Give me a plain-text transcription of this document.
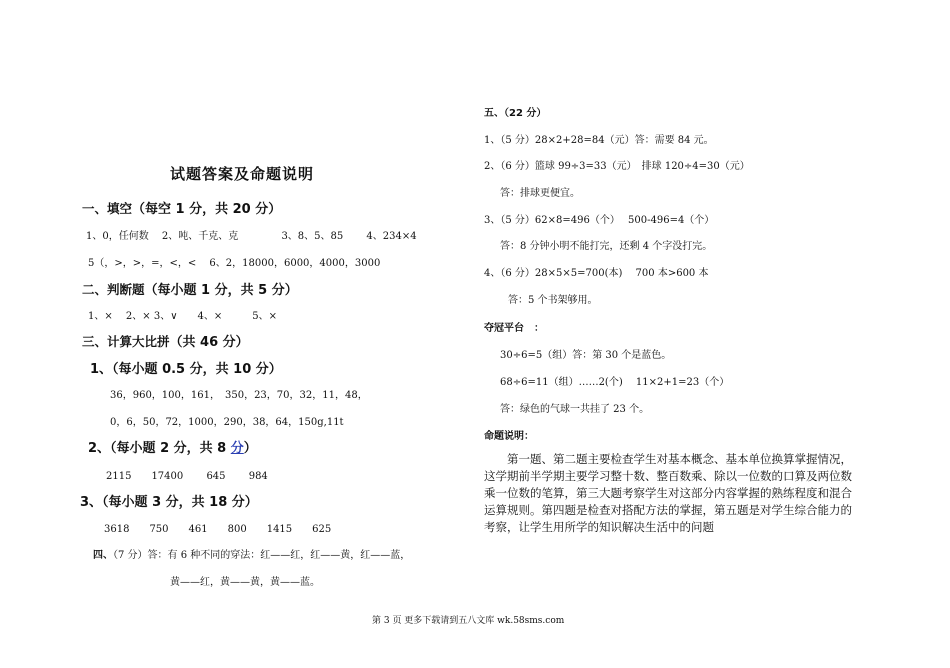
试题答案及命题说明
一、填空（每空 1 分，共 20 分）
1、0，任何数　 2、吨、千克、克　　　　 3、8、5、85　　 4、234×4
5（，>，>，=，<，<　 6、2，18000，6000，4000，3000
二、判断题（每小题 1 分，共 5 分）
1、×　 2、× 3、∨　　4、×　　　5、×
三、计算大比拼（共 46 分）
1、（每小题 0.5 分，共 10 分）
36，960，100，161，　350，23，70，32，11，48，
0，6，50，72，1000，290，38，64，150g,11t
2、（每小题 2 分，共 8 分）
2115　　17400　　 645　　 984
3、（每小题 3 分，共 18 分）
3618　　750　　461　　800　　1415　　625
四、（7 分）答：有 6 种不同的穿法：红——红，红——黄，红——蓝，
黄——红，黄——黄，黄——蓝。
五、（22 分）
1、（5 分）28×2+28=84（元）答：需要 84 元。
2、（6 分）篮球 99÷3=33（元）　排球 120÷4=30（元）
答：排球更便宜。
3、（5 分）62×8=496（个）　 500-496=4（个）
答：8 分钟小明不能打完，还剩 4 个字没打完。
4、（6 分）28×5×5=700(本)　 700 本>600 本
答：5 个书架够用。
夺冠平台　：
30÷6=5（组）答：第 30 个是蓝色。
68÷6=11（组）……2(个)　 11×2+1=23（个）
答：绿色的气球一共挂了 23 个。
命题说明：
第一题、第二题主要检查学生对基本概念、基本单位换算掌握情况，这学期前半学期主要学习整十数、整百数乘、除以一位数的口算及两位数乘一位数的笔算，第三大题考察学生对这部分内容掌握的熟练程度和混合运算规则。第四题是检查对搭配方法的掌握，第五题是对学生综合能力的考察，让学生用所学的知识解决生活中的问题
第 3 页 更多下载请到五八文库 wk.58sms.com
